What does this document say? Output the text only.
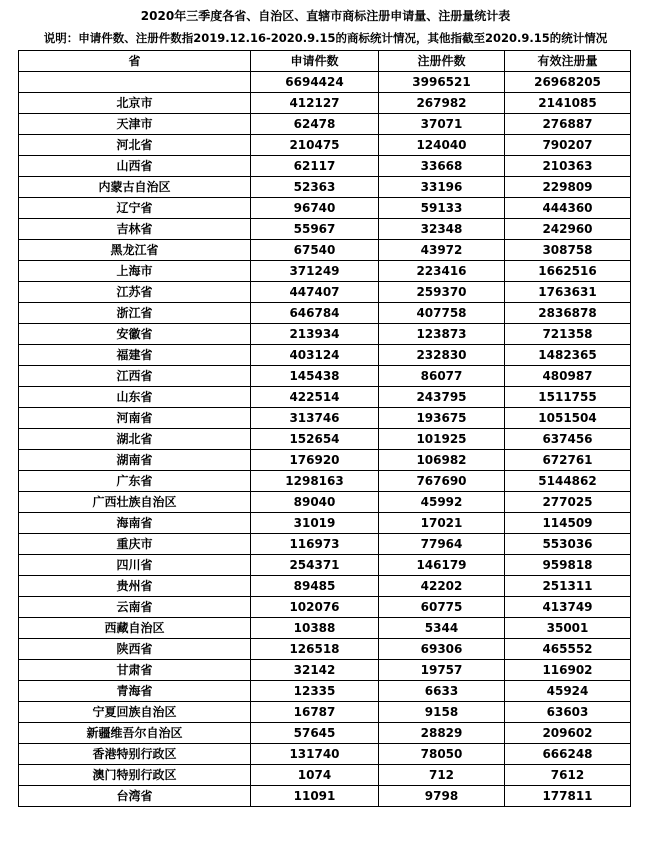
2020年三季度各省、自治区、直辖市商标注册申请量、注册量统计表
说明：申请件数、注册件数指2019.12.16-2020.9.15的商标统计情况，其他指截至2020.9.15的统计情况
省	申请件数	注册件数	有效注册量
	6694424	3996521	26968205
北京市	412127	267982	2141085
天津市	62478	37071	276887
河北省	210475	124040	790207
山西省	62117	33668	210363
内蒙古自治区	52363	33196	229809
辽宁省	96740	59133	444360
吉林省	55967	32348	242960
黑龙江省	67540	43972	308758
上海市	371249	223416	1662516
江苏省	447407	259370	1763631
浙江省	646784	407758	2836878
安徽省	213934	123873	721358
福建省	403124	232830	1482365
江西省	145438	86077	480987
山东省	422514	243795	1511755
河南省	313746	193675	1051504
湖北省	152654	101925	637456
湖南省	176920	106982	672761
广东省	1298163	767690	5144862
广西壮族自治区	89040	45992	277025
海南省	31019	17021	114509
重庆市	116973	77964	553036
四川省	254371	146179	959818
贵州省	89485	42202	251311
云南省	102076	60775	413749
西藏自治区	10388	5344	35001
陕西省	126518	69306	465552
甘肃省	32142	19757	116902
青海省	12335	6633	45924
宁夏回族自治区	16787	9158	63603
新疆维吾尔自治区	57645	28829	209602
香港特别行政区	131740	78050	666248
澳门特别行政区	1074	712	7612
台湾省	11091	9798	177811
